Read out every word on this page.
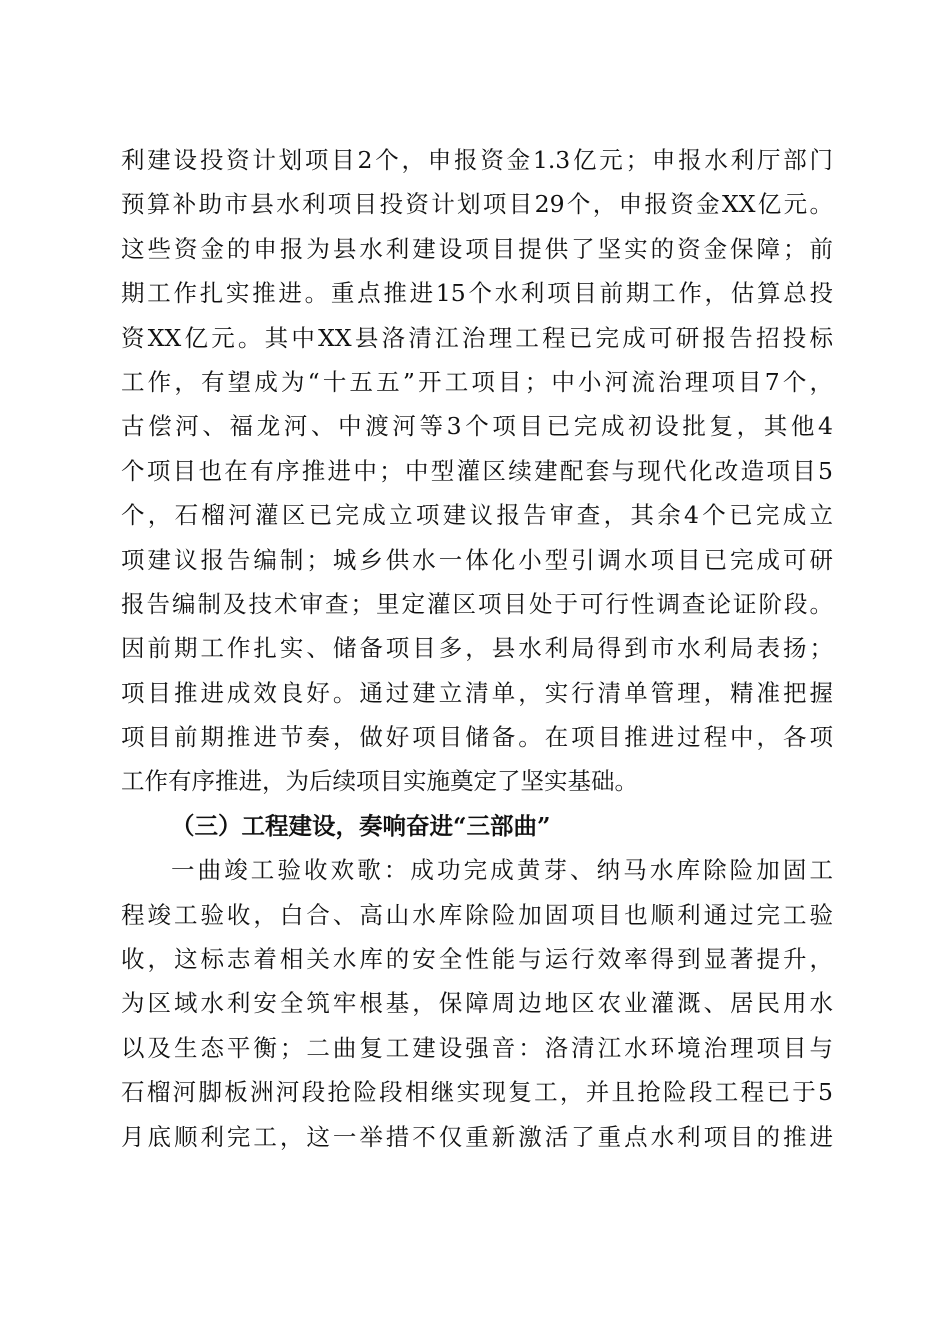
利建设投资计划项目2个，申报资金1.3亿元；申报水利厅部门
预算补助市县水利项目投资计划项目29个，申报资金XX亿元。
这些资金的申报为县水利建设项目提供了坚实的资金保障；前
期工作扎实推进。重点推进15个水利项目前期工作，估算总投
资XX亿元。其中XX县洛清江治理工程已完成可研报告招投标
工作，有望成为“十五五”开工项目；中小河流治理项目7个，
古偿河、福龙河、中渡河等3个项目已完成初设批复，其他4
个项目也在有序推进中；中型灌区续建配套与现代化改造项目5
个，石榴河灌区已完成立项建议报告审查，其余4个已完成立
项建议报告编制；城乡供水一体化小型引调水项目已完成可研
报告编制及技术审查；里定灌区项目处于可行性调查论证阶段。
因前期工作扎实、储备项目多，县水利局得到市水利局表扬；
项目推进成效良好。通过建立清单，实行清单管理，精准把握
项目前期推进节奏，做好项目储备。在项目推进过程中，各项
工作有序推进，为后续项目实施奠定了坚实基础。
（三）工程建设，奏响奋进“三部曲”
一曲竣工验收欢歌：成功完成黄芽、纳马水库除险加固工
程竣工验收，白合、高山水库除险加固项目也顺利通过完工验
收，这标志着相关水库的安全性能与运行效率得到显著提升，
为区域水利安全筑牢根基，保障周边地区农业灌溉、居民用水
以及生态平衡；二曲复工建设强音：洛清江水环境治理项目与
石榴河脚板洲河段抢险段相继实现复工，并且抢险段工程已于5
月底顺利完工，这一举措不仅重新激活了重点水利项目的推进
